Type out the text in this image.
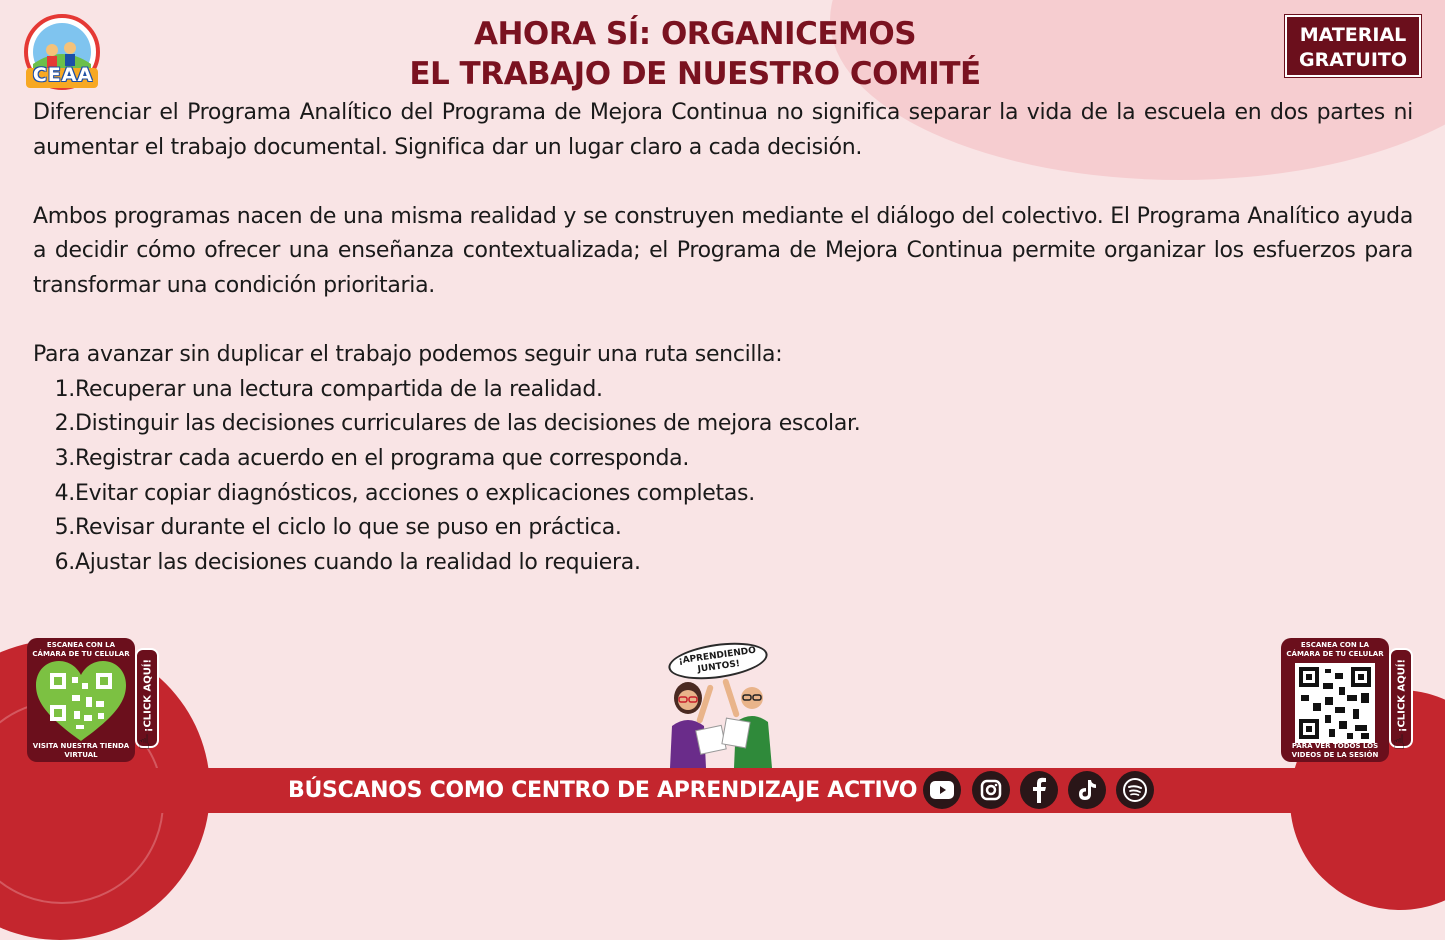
CEAA
AHORA SÍ: ORGANICEMOS
EL TRABAJO DE NUESTRO COMITÉ
MATERIAL
GRATUITO

Diferenciar el Programa Analítico del Programa de Mejora Continua no significa separar la vida de la escuela en dos partes ni aumentar el trabajo documental. Significa dar un lugar claro a cada decisión.

Ambos programas nacen de una misma realidad y se construyen mediante el diálogo del colectivo. El Programa Analítico ayuda a decidir cómo ofrecer una enseñanza contextualizada; el Programa de Mejora Continua permite organizar los esfuerzos para transformar una condición prioritaria.

Para avanzar sin duplicar el trabajo podemos seguir una ruta sencilla:

1. Recuperar una lectura compartida de la realidad.
2. Distinguir las decisiones curriculares de las decisiones de mejora escolar.
3. Registrar cada acuerdo en el programa que corresponda.
4. Evitar copiar diagnósticos, acciones o explicaciones completas.
5. Revisar durante el ciclo lo que se puso en práctica.
6. Ajustar las decisiones cuando la realidad lo requiera.
ESCANEA CON LA CÁMARA DE TU CELULAR
VISITA NUESTRA TIENDA VIRTUAL
¡CLICK AQUÍ!
☝
ESCANEA CON LA CÁMARA DE TU CELULAR
PARA VER TODOS LOS VIDEOS DE LA SESIÓN
¡CLICK AQUÍ!
☝
¡APRENDIENDO JUNTOS!
BÚSCANOS COMO CENTRO DE APRENDIZAJE ACTIVO
